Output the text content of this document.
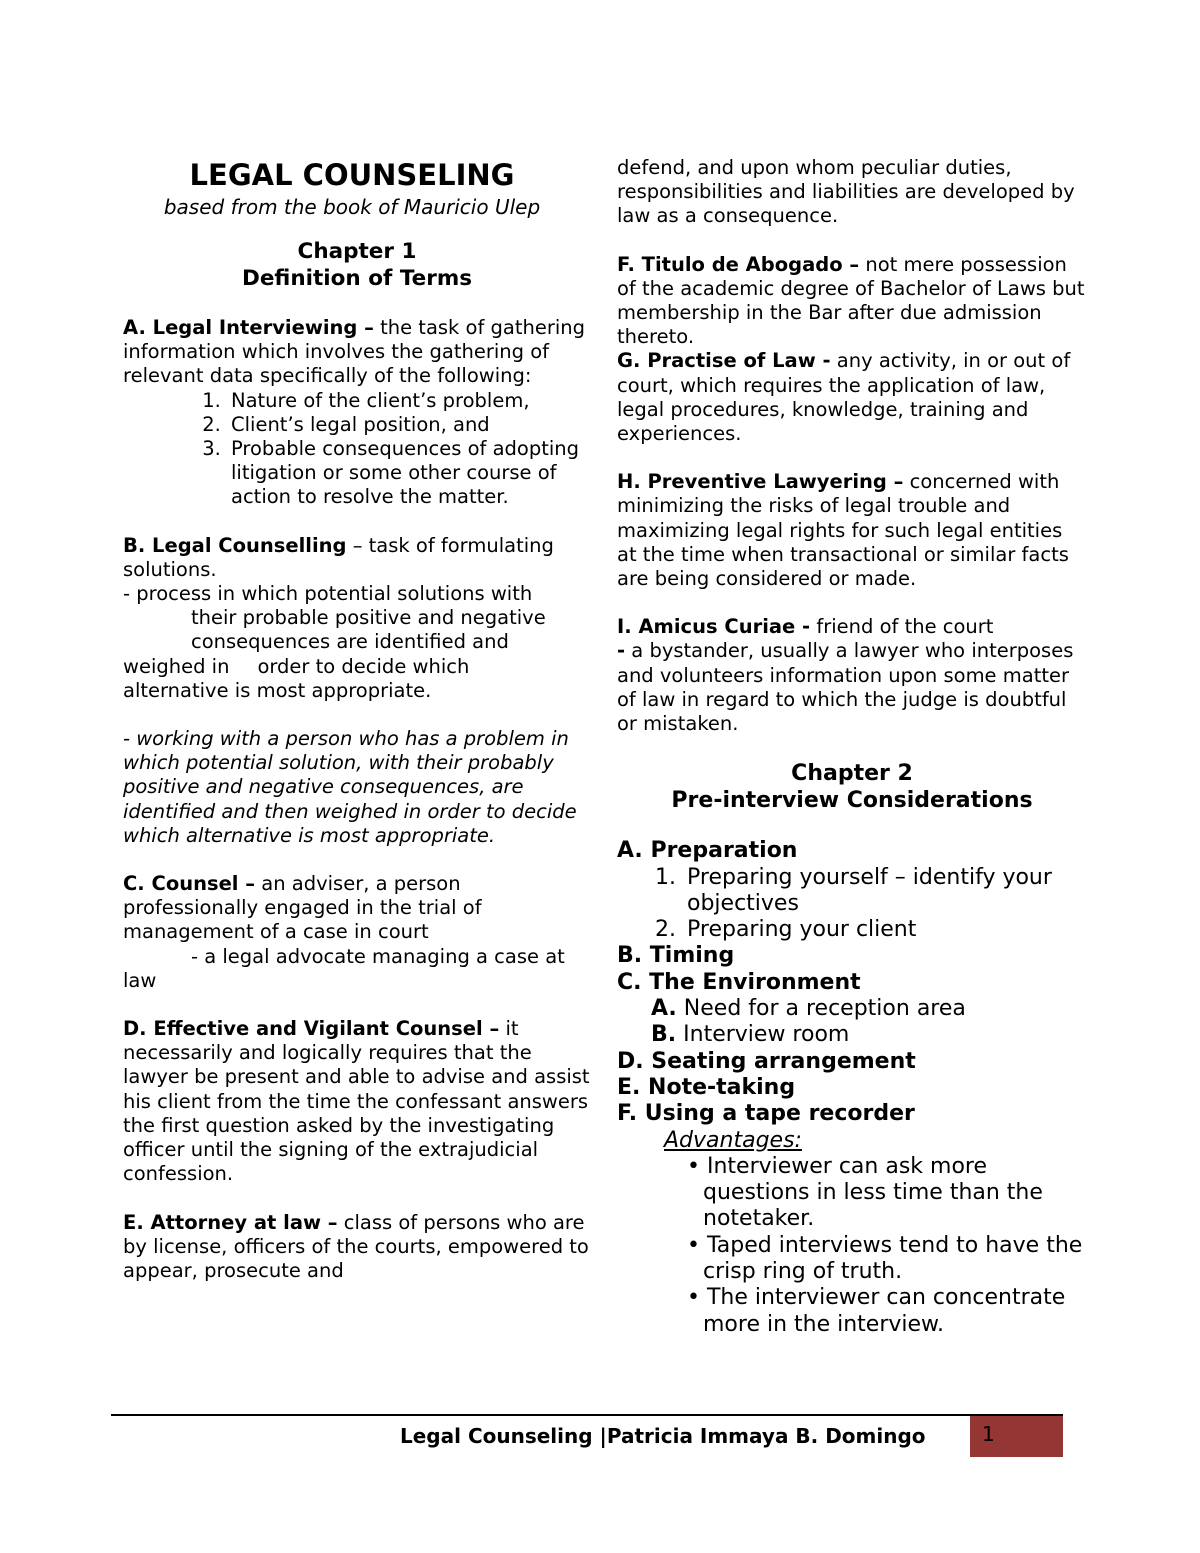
LEGAL COUNSELING

based from the book of Mauricio Ulep

Chapter 1

Definition of Terms

A. Legal Interviewing – the task of gathering information which involves the gathering of relevant data specifically of the following:

1. Nature of the client’s problem,
2. Client’s legal position, and
3. Probable consequences of adopting litigation or some other course of action to resolve the matter.

B. Legal Counselling – task of formulating solutions.

- process in which potential solutions with

their probable positive and negative

consequences are identified and

weighed in order to decide which

alternative is most appropriate.

- working with a person who has a problem in which potential solution, with their probably positive and negative consequences, are identified and then weighed in order to decide which alternative is most appropriate.

C. Counsel – an adviser, a person professionally engaged in the trial of management of a case in court

- a legal advocate managing a case at law

D. Effective and Vigilant Counsel – it necessarily and logically requires that the lawyer be present and able to advise and assist his client from the time the confessant answers the first question asked by the investigating officer until the signing of the extrajudicial confession.

E. Attorney at law – class of persons who are by license, officers of the courts, empowered to appear, prosecute and

defend, and upon whom peculiar duties, responsibilities and liabilities are developed by law as a consequence.

F. Titulo de Abogado – not mere possession of the academic degree of Bachelor of Laws but membership in the Bar after due admission thereto.

G. Practise of Law - any activity, in or out of court, which requires the application of law, legal procedures, knowledge, training and experiences.

H. Preventive Lawyering – concerned with minimizing the risks of legal trouble and maximizing legal rights for such legal entities at the time when transactional or similar facts are being considered or made.

I. Amicus Curiae - friend of the court

- a bystander, usually a lawyer who interposes and volunteers information upon some matter of law in regard to which the judge is doubtful or mistaken.

Chapter 2

Pre-interview Considerations

A. Preparation

1. Preparing yourself – identify your objectives
2. Preparing your client

B. Timing

C. The Environment

A. Need for a reception area

B. Interview room

D. Seating arrangement

E. Note-taking

F. Using a tape recorder

Advantages:

• Interviewer can ask more questions in less time than the notetaker.

• Taped interviews tend to have the crisp ring of truth.

• The interviewer can concentrate more in the interview.

Legal Counseling |Patricia Immaya B. Domingo	1
